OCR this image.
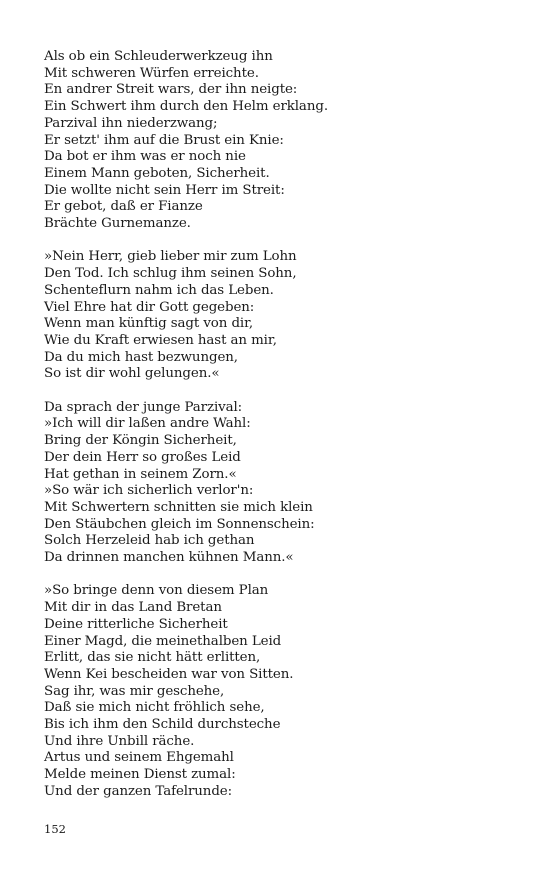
Als ob ein Schleuderwerkzeug ihn
Mit schweren Würfen erreichte.
En andrer Streit wars, der ihn neigte:
Ein Schwert ihm durch den Helm erklang.
Parzival ihn niederzwang;
Er setzt' ihm auf die Brust ein Knie:
Da bot er ihm was er noch nie
Einem Mann geboten, Sicherheit.
Die wollte nicht sein Herr im Streit:
Er gebot, daß er Fianze
Brächte Gurnemanze.
»Nein Herr, gieb lieber mir zum Lohn
Den Tod. Ich schlug ihm seinen Sohn,
Schenteflurn nahm ich das Leben.
Viel Ehre hat dir Gott gegeben:
Wenn man künftig sagt von dir,
Wie du Kraft erwiesen hast an mir,
Da du mich hast bezwungen,
So ist dir wohl gelungen.«
Da sprach der junge Parzival:
»Ich will dir laßen andre Wahl:
Bring der Köngin Sicherheit,
Der dein Herr so großes Leid
Hat gethan in seinem Zorn.«
»So wär ich sicherlich verlor'n:
Mit Schwertern schnitten sie mich klein
Den Stäubchen gleich im Sonnenschein:
Solch Herzeleid hab ich gethan
Da drinnen manchen kühnen Mann.«
»So bringe denn von diesem Plan
Mit dir in das Land Bretan
Deine ritterliche Sicherheit
Einer Magd, die meinethalben Leid
Erlitt, das sie nicht hätt erlitten,
Wenn Kei bescheiden war von Sitten.
Sag ihr, was mir geschehe,
Daß sie mich nicht fröhlich sehe,
Bis ich ihm den Schild durchsteche
Und ihre Unbill räche.
Artus und seinem Ehgemahl
Melde meinen Dienst zumal:
Und der ganzen Tafelrunde:
152
